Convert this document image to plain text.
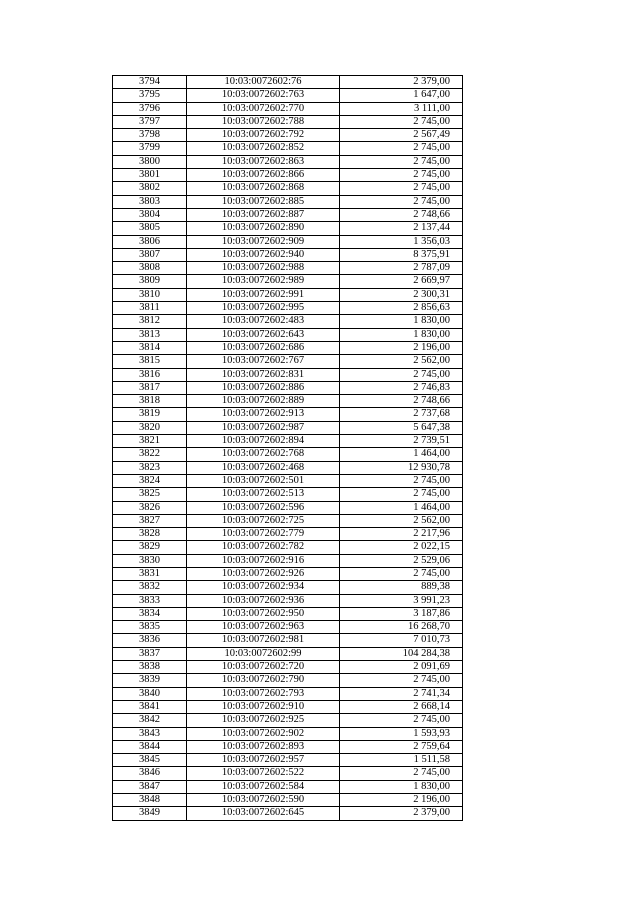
3794	10:03:0072602:76	2 379,00
3795	10:03:0072602:763	1 647,00
3796	10:03:0072602:770	3 111,00
3797	10:03:0072602:788	2 745,00
3798	10:03:0072602:792	2 567,49
3799	10:03:0072602:852	2 745,00
3800	10:03:0072602:863	2 745,00
3801	10:03:0072602:866	2 745,00
3802	10:03:0072602:868	2 745,00
3803	10:03:0072602:885	2 745,00
3804	10:03:0072602:887	2 748,66
3805	10:03:0072602:890	2 137,44
3806	10:03:0072602:909	1 356,03
3807	10:03:0072602:940	8 375,91
3808	10:03:0072602:988	2 787,09
3809	10:03:0072602:989	2 669,97
3810	10:03:0072602:991	2 300,31
3811	10:03:0072602:995	2 856,63
3812	10:03:0072602:483	1 830,00
3813	10:03:0072602:643	1 830,00
3814	10:03:0072602:686	2 196,00
3815	10:03:0072602:767	2 562,00
3816	10:03:0072602:831	2 745,00
3817	10:03:0072602:886	2 746,83
3818	10:03:0072602:889	2 748,66
3819	10:03:0072602:913	2 737,68
3820	10:03:0072602:987	5 647,38
3821	10:03:0072602:894	2 739,51
3822	10:03:0072602:768	1 464,00
3823	10:03:0072602:468	12 930,78
3824	10:03:0072602:501	2 745,00
3825	10:03:0072602:513	2 745,00
3826	10:03:0072602:596	1 464,00
3827	10:03:0072602:725	2 562,00
3828	10:03:0072602:779	2 217,96
3829	10:03:0072602:782	2 022,15
3830	10:03:0072602:916	2 529,06
3831	10:03:0072602:926	2 745,00
3832	10:03:0072602:934	889,38
3833	10:03:0072602:936	3 991,23
3834	10:03:0072602:950	3 187,86
3835	10:03:0072602:963	16 268,70
3836	10:03:0072602:981	7 010,73
3837	10:03:0072602:99	104 284,38
3838	10:03:0072602:720	2 091,69
3839	10:03:0072602:790	2 745,00
3840	10:03:0072602:793	2 741,34
3841	10:03:0072602:910	2 668,14
3842	10:03:0072602:925	2 745,00
3843	10:03:0072602:902	1 593,93
3844	10:03:0072602:893	2 759,64
3845	10:03:0072602:957	1 511,58
3846	10:03:0072602:522	2 745,00
3847	10:03:0072602:584	1 830,00
3848	10:03:0072602:590	2 196,00
3849	10:03:0072602:645	2 379,00
